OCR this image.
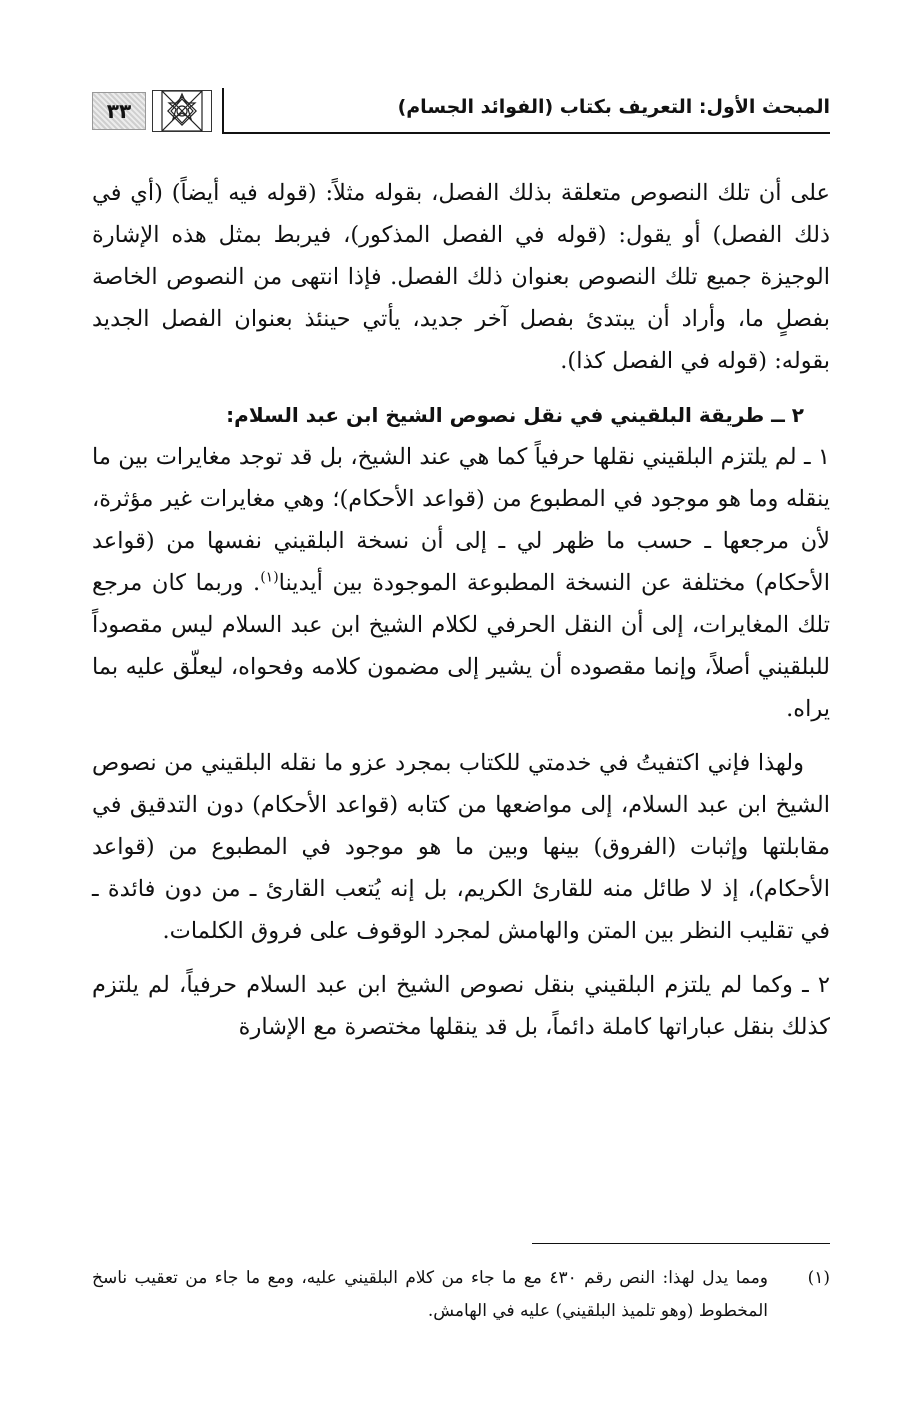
المبحث الأول: التعريف بكتاب (الفوائد الجسام)
٣٣

على أن تلك النصوص متعلقة بذلك الفصل، بقوله مثلاً: (قوله فيه أيضاً) (أي في ذلك الفصل) أو يقول: (قوله في الفصل المذكور)، فيربط بمثل هذه الإشارة الوجيزة جميع تلك النصوص بعنوان ذلك الفصل. فإذا انتهى من النصوص الخاصة بفصلٍ ما، وأراد أن يبتدئ بفصل آخر جديد، يأتي حينئذ بعنوان الفصل الجديد بقوله: (قوله في الفصل كذا).

٢ ــ طريقة البلقيني في نقل نصوص الشيخ ابن عبد السلام:

١ ـ لم يلتزم البلقيني نقلها حرفياً كما هي عند الشيخ، بل قد توجد مغايرات بين ما ينقله وما هو موجود في المطبوع من (قواعد الأحكام)؛ وهي مغايرات غير مؤثرة، لأن مرجعها ـ حسب ما ظهر لي ـ إلى أن نسخة البلقيني نفسها من (قواعد الأحكام) مختلفة عن النسخة المطبوعة الموجودة بين أيدينا$^{(١)}$. وربما كان مرجع تلك المغايرات، إلى أن النقل الحرفي لكلام الشيخ ابن عبد السلام ليس مقصوداً للبلقيني أصلاً، وإنما مقصوده أن يشير إلى مضمون كلامه وفحواه، ليعلّق عليه بما يراه.

ولهذا فإني اكتفيتُ في خدمتي للكتاب بمجرد عزو ما نقله البلقيني من نصوص الشيخ ابن عبد السلام، إلى مواضعها من كتابه (قواعد الأحكام) دون التدقيق في مقابلتها وإثبات (الفروق) بينها وبين ما هو موجود في المطبوع من (قواعد الأحكام)، إذ لا طائل منه للقارئ الكريم، بل إنه يُتعب القارئ ـ من دون فائدة ـ في تقليب النظر بين المتن والهامش لمجرد الوقوف على فروق الكلمات.

٢ ـ وكما لم يلتزم البلقيني بنقل نصوص الشيخ ابن عبد السلام حرفياً، لم يلتزم كذلك بنقل عباراتها كاملة دائماً، بل قد ينقلها مختصرة مع الإشارة

(١)
ومما يدل لهذا: النص رقم ٤٣٠ مع ما جاء من كلام البلقيني عليه، ومع ما جاء من تعقيب ناسخ المخطوط (وهو تلميذ البلقيني) عليه في الهامش.
